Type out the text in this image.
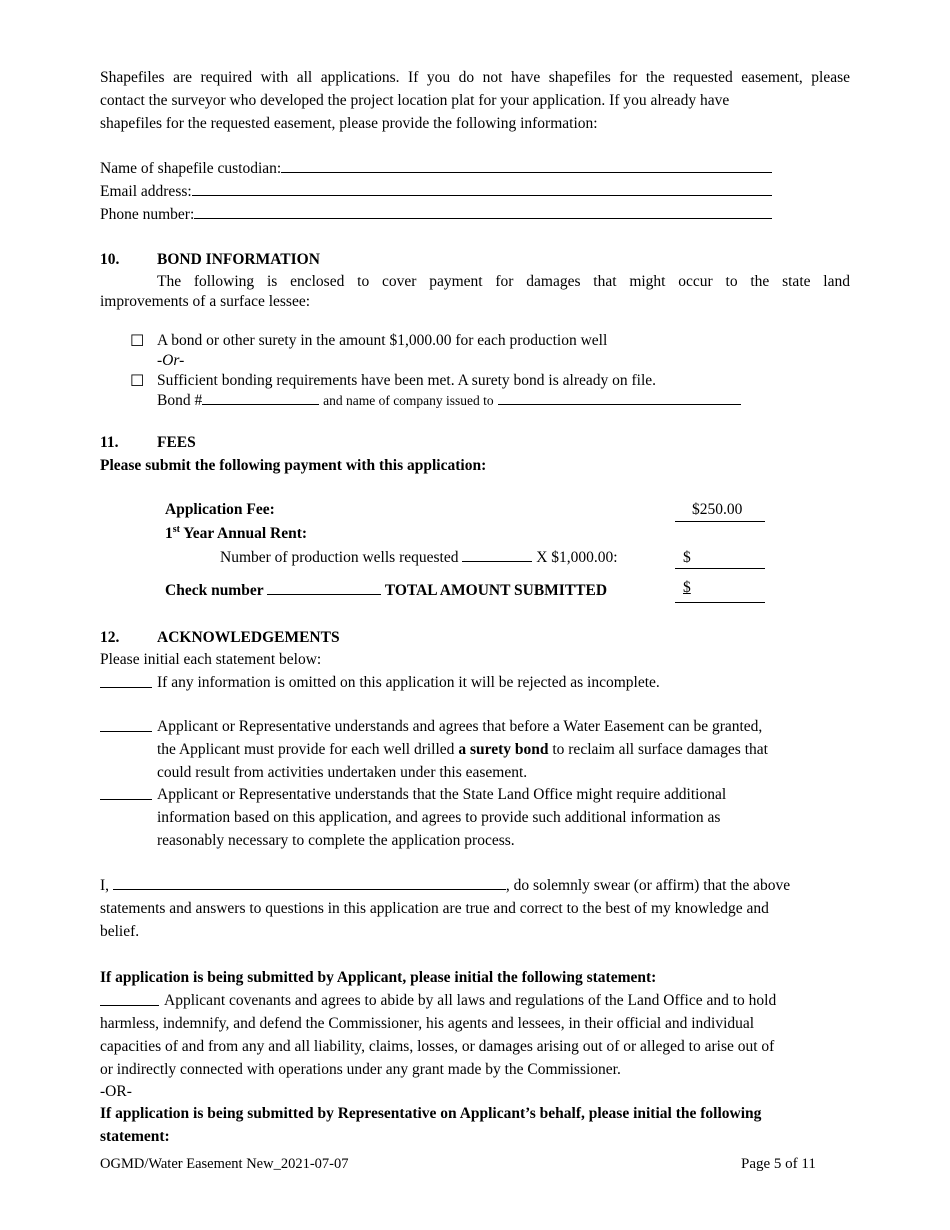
Shapefiles are required with all applications. If you do not have shapefiles for the requested easement, please
contact the surveyor who developed the project location plat for your application. If you already have
shapefiles for the requested easement, please provide the following information:
Name of shapefile custodian:
Email address:
Phone number:
10. BOND INFORMATION
The following is enclosed to cover payment for damages that might occur to the state land
improvements of a surface lessee:
☐ A bond or other surety in the amount $1,000.00 for each production well
-Or-
☐ Sufficient bonding requirements have been met. A surety bond is already on file.
Bond #	and name of company issued to
11. FEES
Please submit the following payment with this application:
Application Fee:	$250.00
1st Year Annual Rent:
Number of production wells requested	X $1,000.00:	$
Check number	TOTAL AMOUNT SUBMITTED	$
12. ACKNOWLEDGEMENTS
Please initial each statement below:
If any information is omitted on this application it will be rejected as incomplete.
Applicant or Representative understands and agrees that before a Water Easement can be granted,
the Applicant must provide for each well drilled a surety bond to reclaim all surface damages that
could result from activities undertaken under this easement.
Applicant or Representative understands that the State Land Office might require additional
information based on this application, and agrees to provide such additional information as
reasonably necessary to complete the application process.
I,	, do solemnly swear (or affirm) that the above
statements and answers to questions in this application are true and correct to the best of my knowledge and
belief.
If application is being submitted by Applicant, please initial the following statement:
Applicant covenants and agrees to abide by all laws and regulations of the Land Office and to hold
harmless, indemnify, and defend the Commissioner, his agents and lessees, in their official and individual
capacities of and from any and all liability, claims, losses, or damages arising out of or alleged to arise out of
or indirectly connected with operations under any grant made by the Commissioner.
-OR-
If application is being submitted by Representative on Applicant’s behalf, please initial the following
statement:
OGMD/Water Easement New_2021-07-07	Page 5 of 11
